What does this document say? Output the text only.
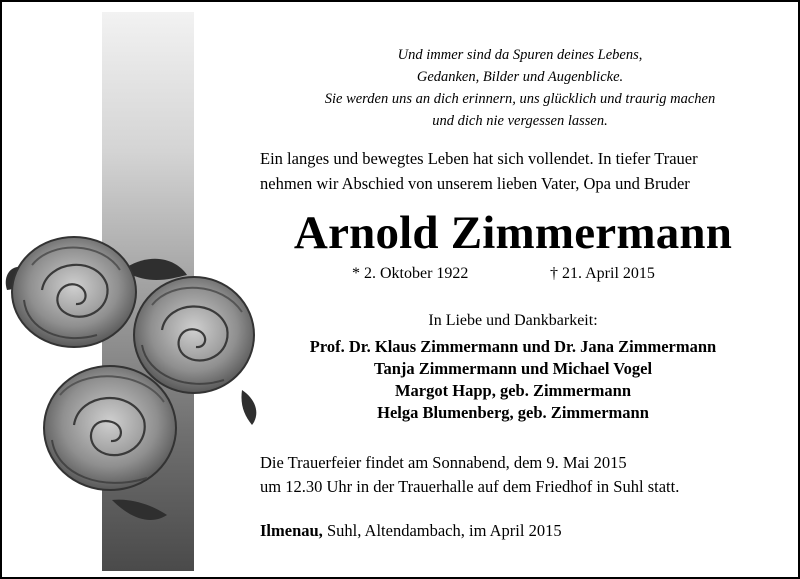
Und immer sind da Spuren deines Lebens,
Gedanken, Bilder und Augenblicke.
Sie werden uns an dich erinnern, uns glücklich und traurig machen
und dich nie vergessen lassen.
Ein langes und bewegtes Leben hat sich vollendet. In tiefer Trauer
nehmen wir Abschied von unserem lieben Vater, Opa und Bruder
Arnold Zimmermann
* 2. Oktober 1922	† 21. April 2015
In Liebe und Dankbarkeit:
Prof. Dr. Klaus Zimmermann und Dr. Jana Zimmermann
Tanja Zimmermann und Michael Vogel
Margot Happ, geb. Zimmermann
Helga Blumenberg, geb. Zimmermann
Die Trauerfeier findet am Sonnabend, dem 9. Mai 2015
um 12.30 Uhr in der Trauerhalle auf dem Friedhof in Suhl statt.
Ilmenau, Suhl, Altendambach, im April 2015
